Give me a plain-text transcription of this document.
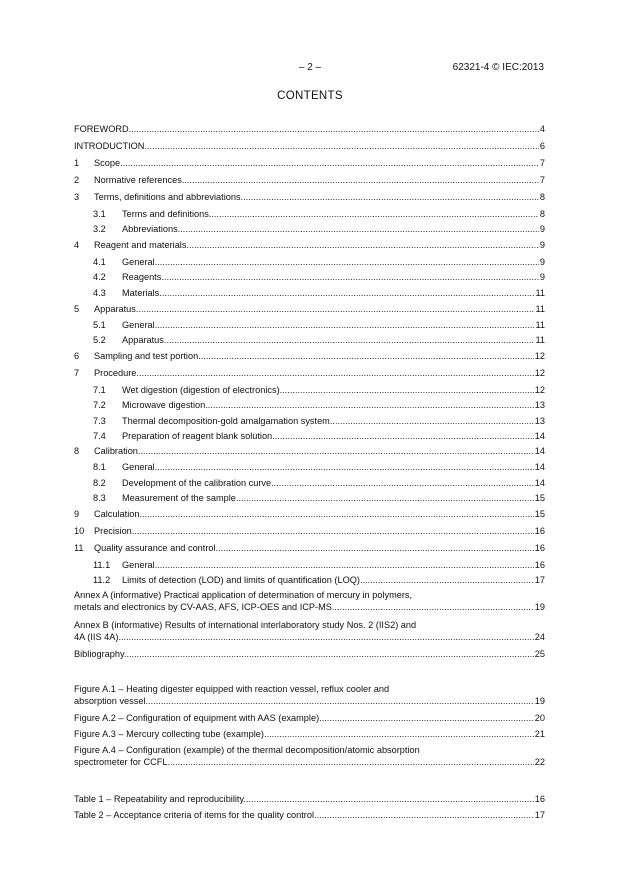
– 2 –	62321-4 © IEC:2013
CONTENTS
FOREWORD .....	4
INTRODUCTION .....	6
1 Scope .....	7
2 Normative references .....	7
3 Terms, definitions and abbreviations .....	8
3.1 Terms and definitions .....	8
3.2 Abbreviations .....	9
4 Reagent and materials .....	9
4.1 General .....	9
4.2 Reagents .....	9
4.3 Materials .....	11
5 Apparatus .....	11
5.1 General .....	11
5.2 Apparatus .....	11
6 Sampling and test portion .....	12
7 Procedure .....	12
7.1 Wet digestion (digestion of electronics) .....	12
7.2 Microwave digestion .....	13
7.3 Thermal decomposition-gold amalgamation system .....	13
7.4 Preparation of reagent blank solution .....	14
8 Calibration .....	14
8.1 General .....	14
8.2 Development of the calibration curve .....	14
8.3 Measurement of the sample .....	15
9 Calculation .....	15
10 Precision .....	16
11 Quality assurance and control .....	16
11.1 General .....	16
11.2 Limits of detection (LOD) and limits of quantification (LOQ) .....	17
Annex A (informative) Practical application of determination of mercury in polymers,
metals and electronics by CV-AAS, AFS, ICP-OES and ICP-MS .....	19
Annex B (informative) Results of international interlaboratory study Nos. 2 (IIS2) and
4A (IIS 4A) .....	24
Bibliography .....	25
Figure A.1 – Heating digester equipped with reaction vessel, reflux cooler and
absorption vessel .....	19
Figure A.2 – Configuration of equipment with AAS (example) .....	20
Figure A.3 – Mercury collecting tube (example) .....	21
Figure A.4 – Configuration (example) of the thermal decomposition/atomic absorption
spectrometer for CCFL .....	22
Table 1 – Repeatability and reproducibility .....	16
Table 2 – Acceptance criteria of items for the quality control .....	17
